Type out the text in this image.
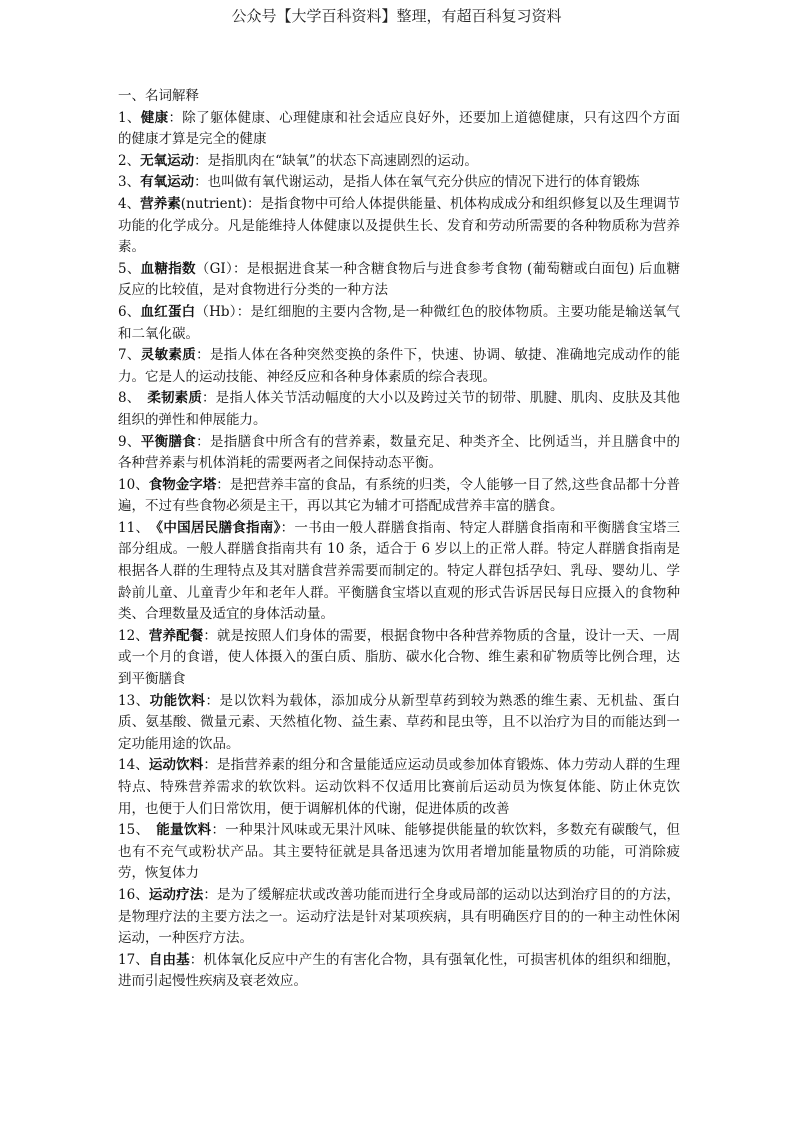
公众号【大学百科资料】整理，有超百科复习资料

一、名词解释

1、健康：除了躯体健康、心理健康和社会适应良好外，还要加上道德健康，只有这四个方面的健康才算是完全的健康

2、无氧运动：是指肌肉在“缺氧”的状态下高速剧烈的运动。

3、有氧运动：也叫做有氧代谢运动，是指人体在氧气充分供应的情况下进行的体育锻炼

4、营养素(nutrient)：是指食物中可给人体提供能量、机体构成成分和组织修复以及生理调节功能的化学成分。凡是能维持人体健康以及提供生长、发育和劳动所需要的各种物质称为营养素。

5、血糖指数（GI）：是根据进食某一种含糖食物后与进食参考食物 (葡萄糖或白面包) 后血糖反应的比较值，是对食物进行分类的一种方法

6、血红蛋白（Hb）：是红细胞的主要内含物,是一种微红色的胶体物质。主要功能是输送氧气和二氧化碳。

7、灵敏素质：是指人体在各种突然变换的条件下，快速、协调、敏捷、准确地完成动作的能力。它是人的运动技能、神经反应和各种身体素质的综合表现。

8、　柔韧素质：是指人体关节活动幅度的大小以及跨过关节的韧带、肌腱、肌肉、皮肤及其他组织的弹性和伸展能力。

9、平衡膳食：是指膳食中所含有的营养素，数量充足、种类齐全、比例适当，并且膳食中的各种营养素与机体消耗的需要两者之间保持动态平衡。

10、食物金字塔：是把营养丰富的食品，有系统的归类，令人能够一目了然,这些食品都十分普遍，不过有些食物必须是主干，再以其它为辅才可搭配成营养丰富的膳食。

11、　《中国居民膳食指南》：一书由一般人群膳食指南、特定人群膳食指南和平衡膳食宝塔三部分组成。一般人群膳食指南共有 10 条，适合于 6 岁以上的正常人群。特定人群膳食指南是根据各人群的生理特点及其对膳食营养需要而制定的。特定人群包括孕妇、乳母、婴幼儿、学龄前儿童、儿童青少年和老年人群。平衡膳食宝塔以直观的形式告诉居民每日应摄入的食物种类、合理数量及适宜的身体活动量。

12、营养配餐：就是按照人们身体的需要，根据食物中各种营养物质的含量，设计一天、一周或一个月的食谱，使人体摄入的蛋白质、脂肪、碳水化合物、维生素和矿物质等比例合理，达到平衡膳食

13、功能饮料：是以饮料为载体，添加成分从新型草药到较为熟悉的维生素、无机盐、蛋白质、氨基酸、微量元素、天然植化物、益生素、草药和昆虫等，且不以治疗为目的而能达到一定功能用途的饮品。

14、运动饮料：是指营养素的组分和含量能适应运动员或参加体育锻炼、体力劳动人群的生理特点、特殊营养需求的软饮料。运动饮料不仅适用比赛前后运动员为恢复体能、防止休克饮用，也便于人们日常饮用，便于调解机体的代谢，促进体质的改善

15、　能量饮料：一种果汁风味或无果汁风味、能够提供能量的软饮料，多数充有碳酸气，但也有不充气或粉状产品。其主要特征就是具备迅速为饮用者增加能量物质的功能，可消除疲劳，恢复体力

16、运动疗法：是为了缓解症状或改善功能而进行全身或局部的运动以达到治疗目的的方法，是物理疗法的主要方法之一。运动疗法是针对某项疾病，具有明确医疗目的的一种主动性休闲运动，一种医疗方法。

17、自由基：机体氧化反应中产生的有害化合物，具有强氧化性，可损害机体的组织和细胞，进而引起慢性疾病及衰老效应。
